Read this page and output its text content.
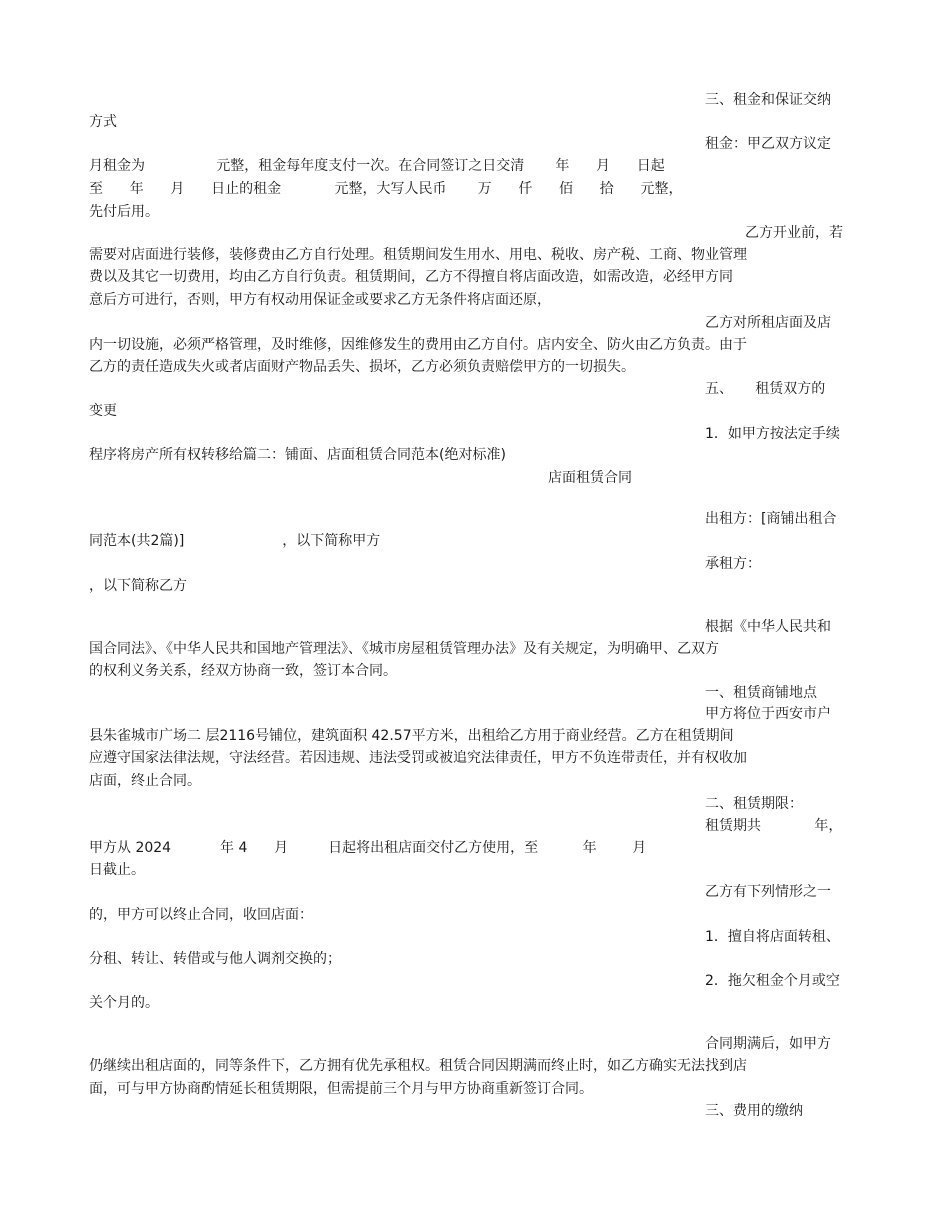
三、租金和保证交纳
方式
租金：甲乙双方议定
月租金为                元整，租金每年度支付一次。在合同签订之日交清       年      月      日起
至      年      月      日止的租金            元整，大写人民币       万      仟      佰      拾      元整，
先付后用。
乙方开业前，若
需要对店面进行装修，装修费由乙方自行处理。租赁期间发生用水、用电、税收、房产税、工商、物业管理
费以及其它一切费用，均由乙方自行负责。租赁期间，乙方不得擅自将店面改造，如需改造，必经甲方同
意后方可进行，否则，甲方有权动用保证金或要求乙方无条件将店面还原，
乙方对所租店面及店
内一切设施，必须严格管理，及时维修，因维修发生的费用由乙方自付。店内安全、防火由乙方负责。由于
乙方的责任造成失火或者店面财产物品丢失、损坏，乙方必须负责赔偿甲方的一切损失。
五、     租赁双方的
变更
1．如甲方按法定手续
程序将房产所有权转移给篇二：铺面、店面租赁合同范本(绝对标准)
店面租赁合同
出租方：[商铺出租合
同范本(共2篇)]                      ，以下简称甲方
承租方：
，以下简称乙方
根据《中华人民共和
国合同法》、《中华人民共和国地产管理法》、《城市房屋租赁管理办法》及有关规定，为明确甲、乙双方
的权利义务关系，经双方协商一致，签订本合同。
一、租赁商铺地点
甲方将位于西安市户
县朱雀城市广场二 层2116号铺位，建筑面积 42.57平方米，出租给乙方用于商业经营。乙方在租赁期间
应遵守国家法律法规，守法经营。若因违规、违法受罚或被追究法律责任，甲方不负连带责任，并有权收加
店面，终止合同。
二、租赁期限：
租赁期共            年，
甲方从 2024           年 4      月         日起将出租店面交付乙方使用，至          年        月
日截止。
乙方有下列情形之一
的，甲方可以终止合同，收回店面：
1．擅自将店面转租、
分租、转让、转借或与他人调剂交换的；
2．拖欠租金个月或空
关个月的。
合同期满后，如甲方
仍继续出租店面的，同等条件下，乙方拥有优先承租权。租赁合同因期满而终止时，如乙方确实无法找到店
面，可与甲方协商酌情延长租赁期限，但需提前三个月与甲方协商重新签订合同。
三、费用的缴纳
